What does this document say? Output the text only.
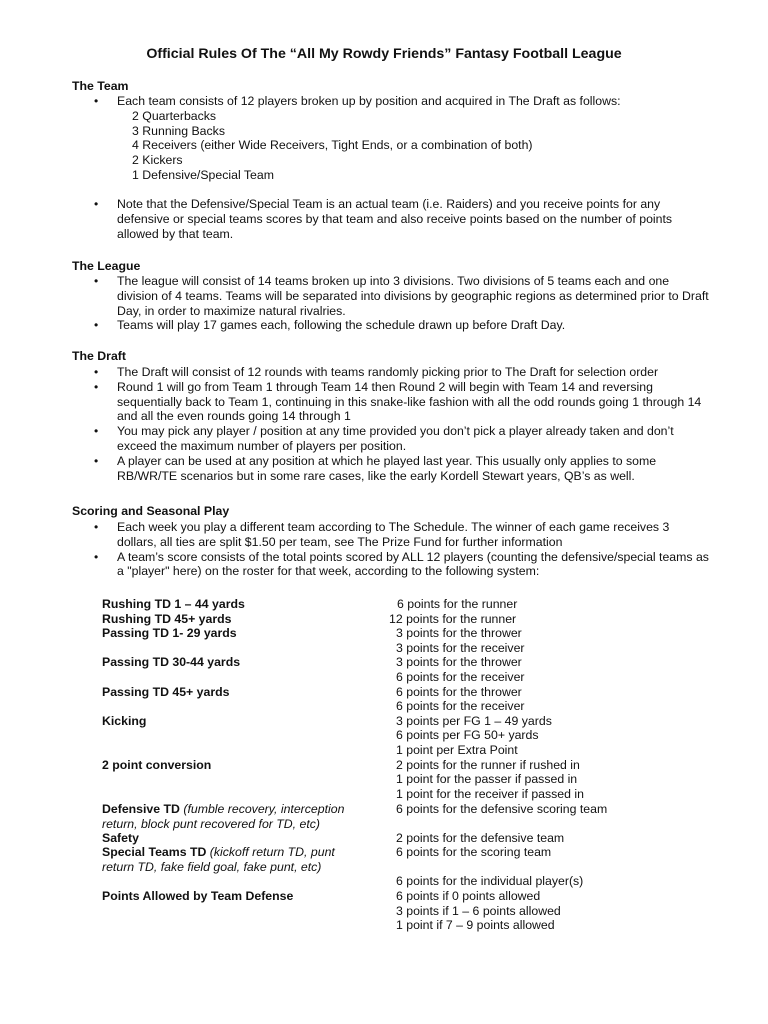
Official Rules Of The “All My Rowdy Friends” Fantasy Football League
The Team
• Each team consists of 12 players broken up by position and acquired in The Draft as follows:
2 Quarterbacks
3 Running Backs
4 Receivers (either Wide Receivers, Tight Ends, or a combination of both)
2 Kickers
1 Defensive/Special Team
• Note that the Defensive/Special Team is an actual team (i.e. Raiders) and you receive points for any defensive or special teams scores by that team and also receive points based on the number of points allowed by that team.
The League
• The league will consist of 14 teams broken up into 3 divisions. Two divisions of 5 teams each and one division of 4 teams. Teams will be separated into divisions by geographic regions as determined prior to Draft Day, in order to maximize natural rivalries.
• Teams will play 17 games each, following the schedule drawn up before Draft Day.
The Draft
• The Draft will consist of 12 rounds with teams randomly picking prior to The Draft for selection order
• Round 1 will go from Team 1 through Team 14 then Round 2 will begin with Team 14 and reversing sequentially back to Team 1, continuing in this snake-like fashion with all the odd rounds going 1 through 14 and all the even rounds going 14 through 1
• You may pick any player / position at any time provided you don’t pick a player already taken and don’t exceed the maximum number of players per position.
• A player can be used at any position at which he played last year. This usually only applies to some RB/WR/TE scenarios but in some rare cases, like the early Kordell Stewart years, QB’s as well.
Scoring and Seasonal Play
• Each week you play a different team according to The Schedule. The winner of each game receives 3 dollars, all ties are split $1.50 per team, see The Prize Fund for further information
• A team’s score consists of the total points scored by ALL 12 players (counting the defensive/special teams as a "player" here) on the roster for that week, according to the following system:
Rushing TD 1 – 44 yards
Rushing TD 45+ yards
Passing TD 1- 29 yards
Passing TD 30-44 yards
Passing TD 45+ yards
Kicking
2 point conversion
Defensive TD (fumble recovery, interception return, block punt recovered for TD, etc)
Safety
Special Teams TD (kickoff return TD, punt return TD, fake field goal, fake punt, etc)
Points Allowed by Team Defense
6 points for the runner
12 points for the runner
3 points for the thrower
3 points for the receiver
3 points for the thrower
6 points for the receiver
6 points for the thrower
6 points for the receiver
3 points per FG 1 – 49 yards
6 points per FG 50+ yards
1 point per Extra Point
2 points for the runner if rushed in
1 point for the passer if passed in
1 point for the receiver if passed in
6 points for the defensive scoring team
2 points for the defensive team
6 points for the scoring team
6 points for the individual player(s)
6 points if 0 points allowed
3 points if 1 – 6 points allowed
1 point if 7 – 9 points allowed
